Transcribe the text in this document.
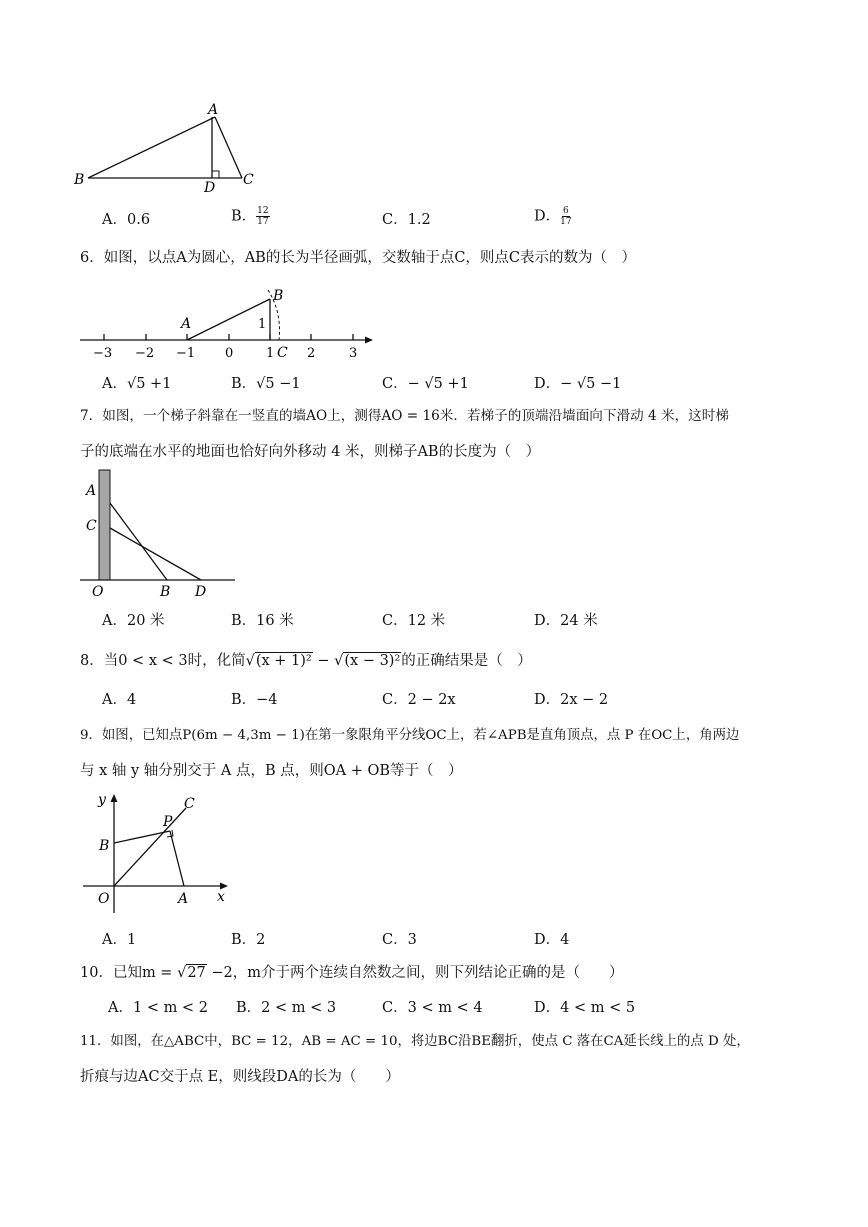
A
B	C
D
A．0.6	B． $\frac{12}{17}$	C．1.2	D． $\frac{6}{17}$
6．如图，以点A为圆心，AB的长为半径画弧，交数轴于点C，则点C表示的数为（　）
−3 −2 −1 0	1	2	3
A
B
C
1
A．√5 +1	B．√5 −1	C．− √5 +1	D．− √5 −1
7．如图，一个梯子斜靠在一竖直的墙AO上，测得AO = 16米．若梯子的顶端沿墙面向下滑动 4 米，这时梯
子的底端在水平的地面也恰好向外移动 4 米，则梯子AB的长度为（　）
A
C
O	B D
A．20 米	B．16 米	C．12 米	D．24 米
8．当0 < x < 3时，化简√(x + 1)² − √(x − 3)²的正确结果是（　）
A．4	B．−4	C．2 − 2x	D．2x − 2
9．如图，已知点P(6m − 4,3m − 1)在第一象限角平分线OC上，若∠APB是直角顶点，点 P 在OC上，角两边
与 x 轴 y 轴分别交于 A 点，B 点，则OA + OB等于（　）
y	C
P
B
O	A x
A．1	B．2	C．3	D．4
10．已知m = √27 −2，m介于两个连续自然数之间，则下列结论正确的是（　　）
A．1 < m < 2 B．2 < m < 3	C．3 < m < 4	D．4 < m < 5
11．如图，在△ABC中，BC = 12，AB = AC = 10，将边BC沿BE翻折，使点 C 落在CA延长线上的点 D 处，
折痕与边AC交于点 E，则线段DA的长为（　　）
